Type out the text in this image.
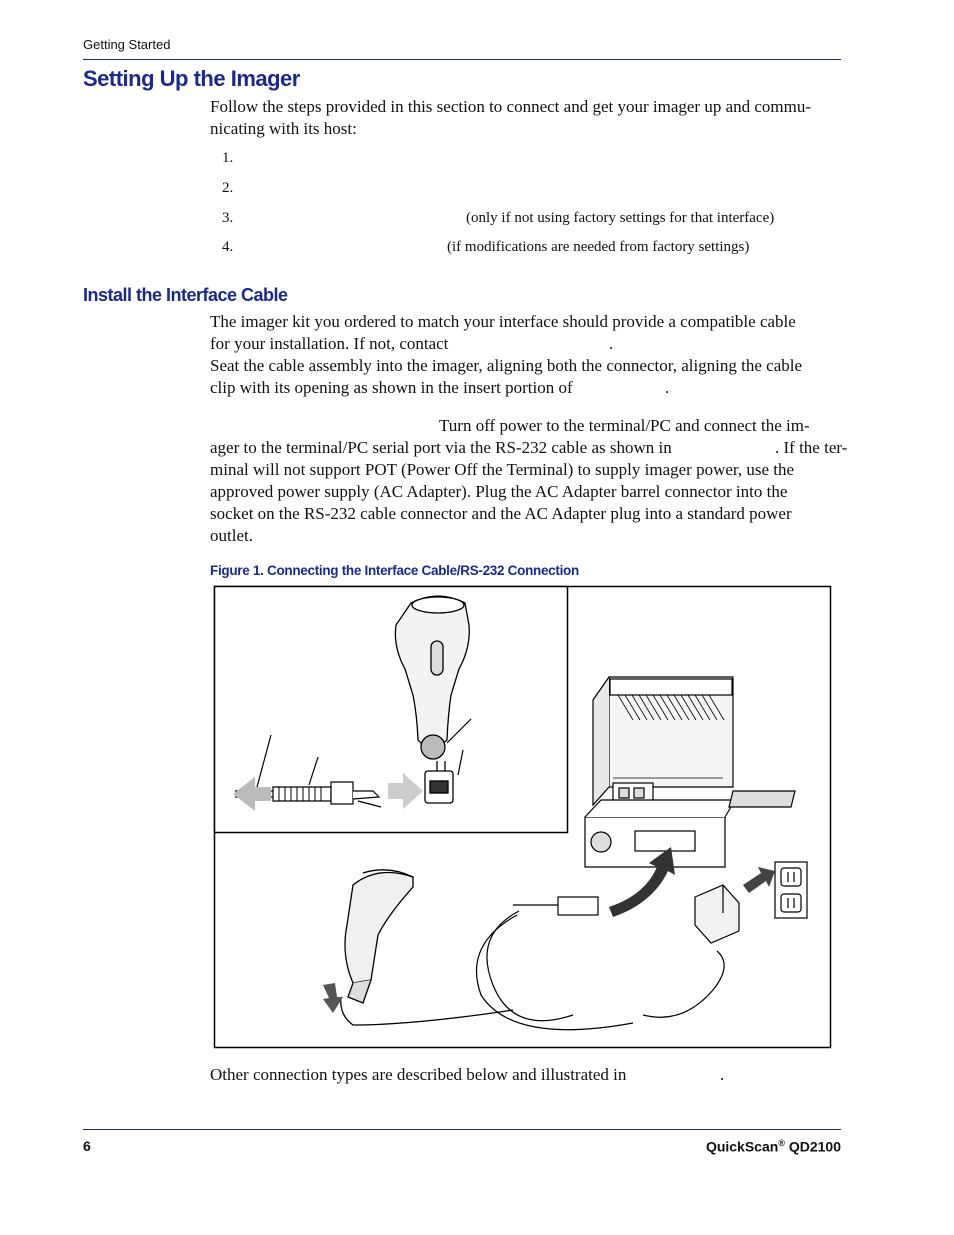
Getting Started
Setting Up the Imager
Follow the steps provided in this section to connect and get your imager up and commu-
nicating with its host:
1.
2.
3.	(only if not using factory settings for that interface)
4.	(if modifications are needed from factory settings)
Install the Interface Cable
The imager kit you ordered to match your interface should provide a compatible cable
for your installation. If not, contact	.
Seat the cable assembly into the imager, aligning both the connector, aligning the cable
clip with its opening as shown in the insert portion of	.
Turn off power to the terminal/PC and connect the im-
ager to the terminal/PC serial port via the RS-232 cable as shown in	. If the ter-
minal will not support POT (Power Off the Terminal) to supply imager power, use the
approved power supply (AC Adapter). Plug the AC Adapter barrel connector into the
socket on the RS-232 cable connector and the AC Adapter plug into a standard power
outlet.
Figure 1. Connecting the Interface Cable/RS-232 Connection
Other connection types are described below and illustrated in	.
6	QuickScan® QD2100
